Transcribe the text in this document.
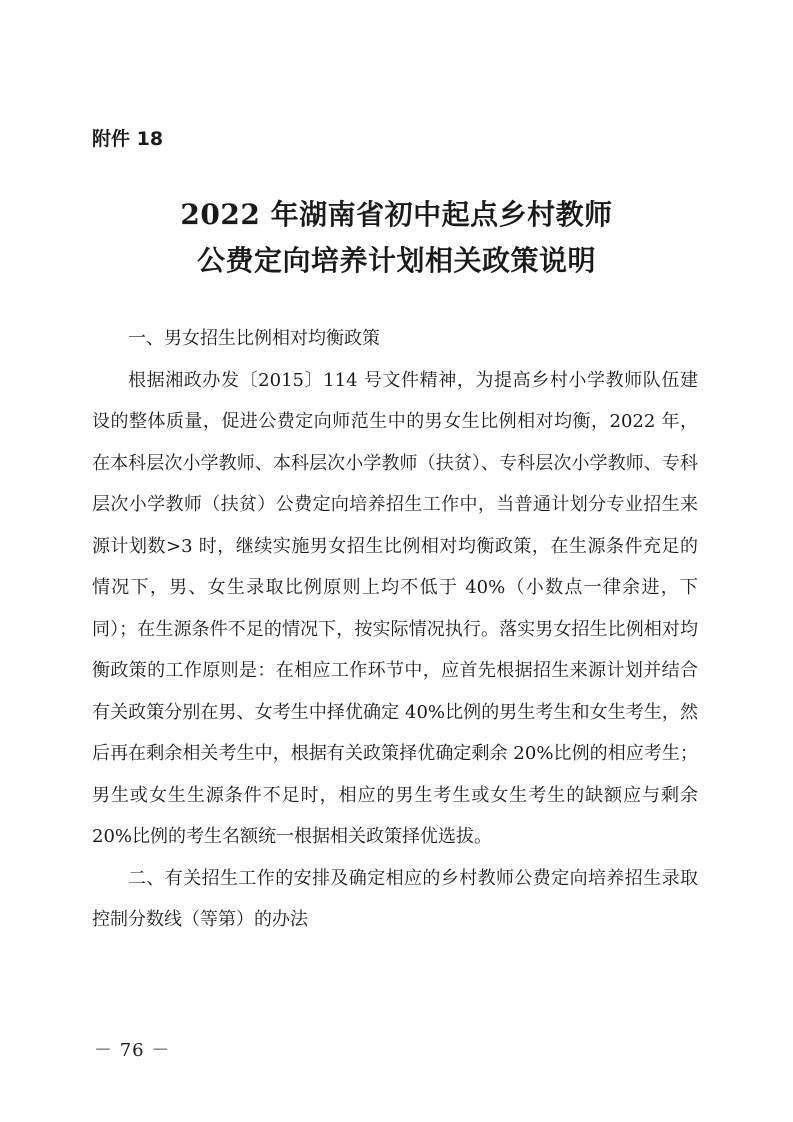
附件 18
2022 年湖南省初中起点乡村教师
公费定向培养计划相关政策说明

一、男女招生比例相对均衡政策

根据湘政办发〔2015〕114 号文件精神，为提高乡村小学教师队伍建设的整体质量，促进公费定向师范生中的男女生比例相对均衡，2022 年，在本科层次小学教师、本科层次小学教师（扶贫）、专科层次小学教师、专科层次小学教师（扶贫）公费定向培养招生工作中，当普通计划分专业招生来源计划数>3 时，继续实施男女招生比例相对均衡政策，在生源条件充足的情况下，男、女生录取比例原则上均不低于 40%（小数点一律余进，下同）；在生源条件不足的情况下，按实际情况执行。落实男女招生比例相对均衡政策的工作原则是：在相应工作环节中，应首先根据招生来源计划并结合有关政策分别在男、女考生中择优确定 40%比例的男生考生和女生考生，然后再在剩余相关考生中，根据有关政策择优确定剩余 20%比例的相应考生；男生或女生生源条件不足时，相应的男生考生或女生考生的缺额应与剩余 20%比例的考生名额统一根据相关政策择优选拔。

二、有关招生工作的安排及确定相应的乡村教师公费定向培养招生录取控制分数线（等第）的办法

－ 76 －
